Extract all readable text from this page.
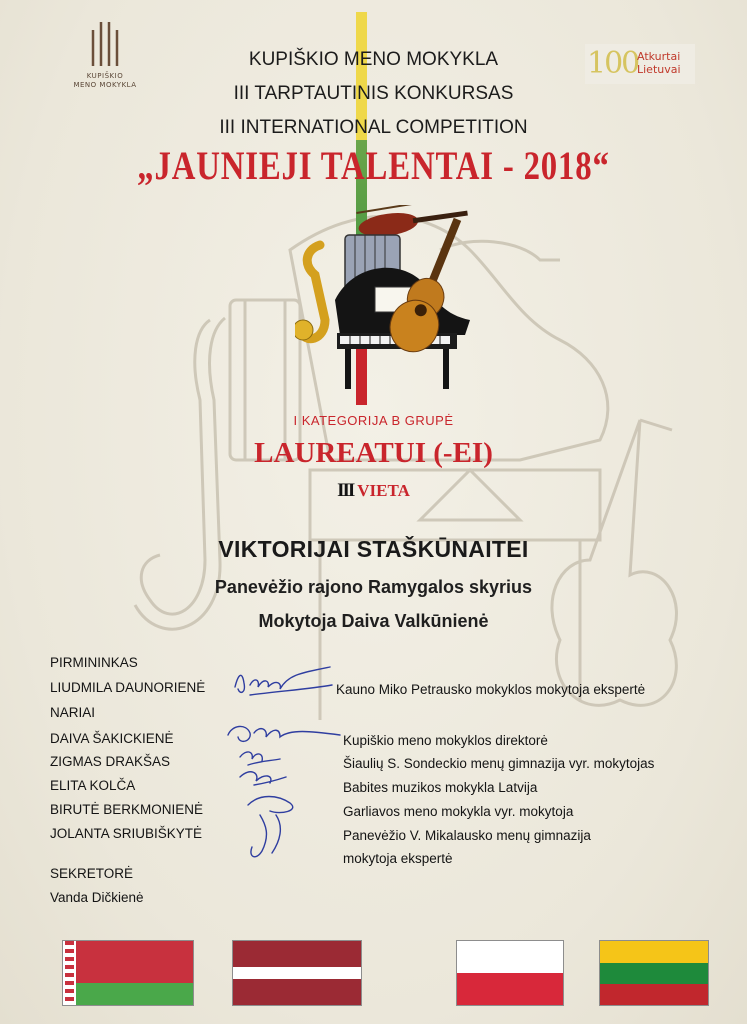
KUPIŠKIO
MENO MOKYKLA
100
Atkurtai
Lietuvai
KUPIŠKIO MENO MOKYKLA
III TARPTAUTINIS KONKURSAS
III INTERNATIONAL COMPETITION
„JAUNIEJI TALENTAI - 2018“
I KATEGORIJA B GRUPĖ
LAUREATUI (-EI)
III VIETA
VIKTORIJAI STAŠKŪNAITEI
Panevėžio rajono Ramygalos skyrius
Mokytoja Daiva Valkūnienė
PIRMININKAS
LIUDMILA DAUNORIENĖ	Kauno Miko Petrausko mokyklos mokytoja ekspertė
NARIAI
DAIVA ŠAKICKIENĖ	Kupiškio meno mokyklos direktorė
ZIGMAS DRAKŠAS	Šiaulių S. Sondeckio menų gimnazija vyr. mokytojas
ELITA KOLČA	Babites muzikos mokykla Latvija
BIRUTĖ BERKMONIENĖ	Garliavos meno mokykla vyr. mokytoja
JOLANTA SRIUBIŠKYTĖ	Panevėžio V. Mikalausko menų gimnazija
mokytoja ekspertė
SEKRETORĖ
Vanda Dičkienė
